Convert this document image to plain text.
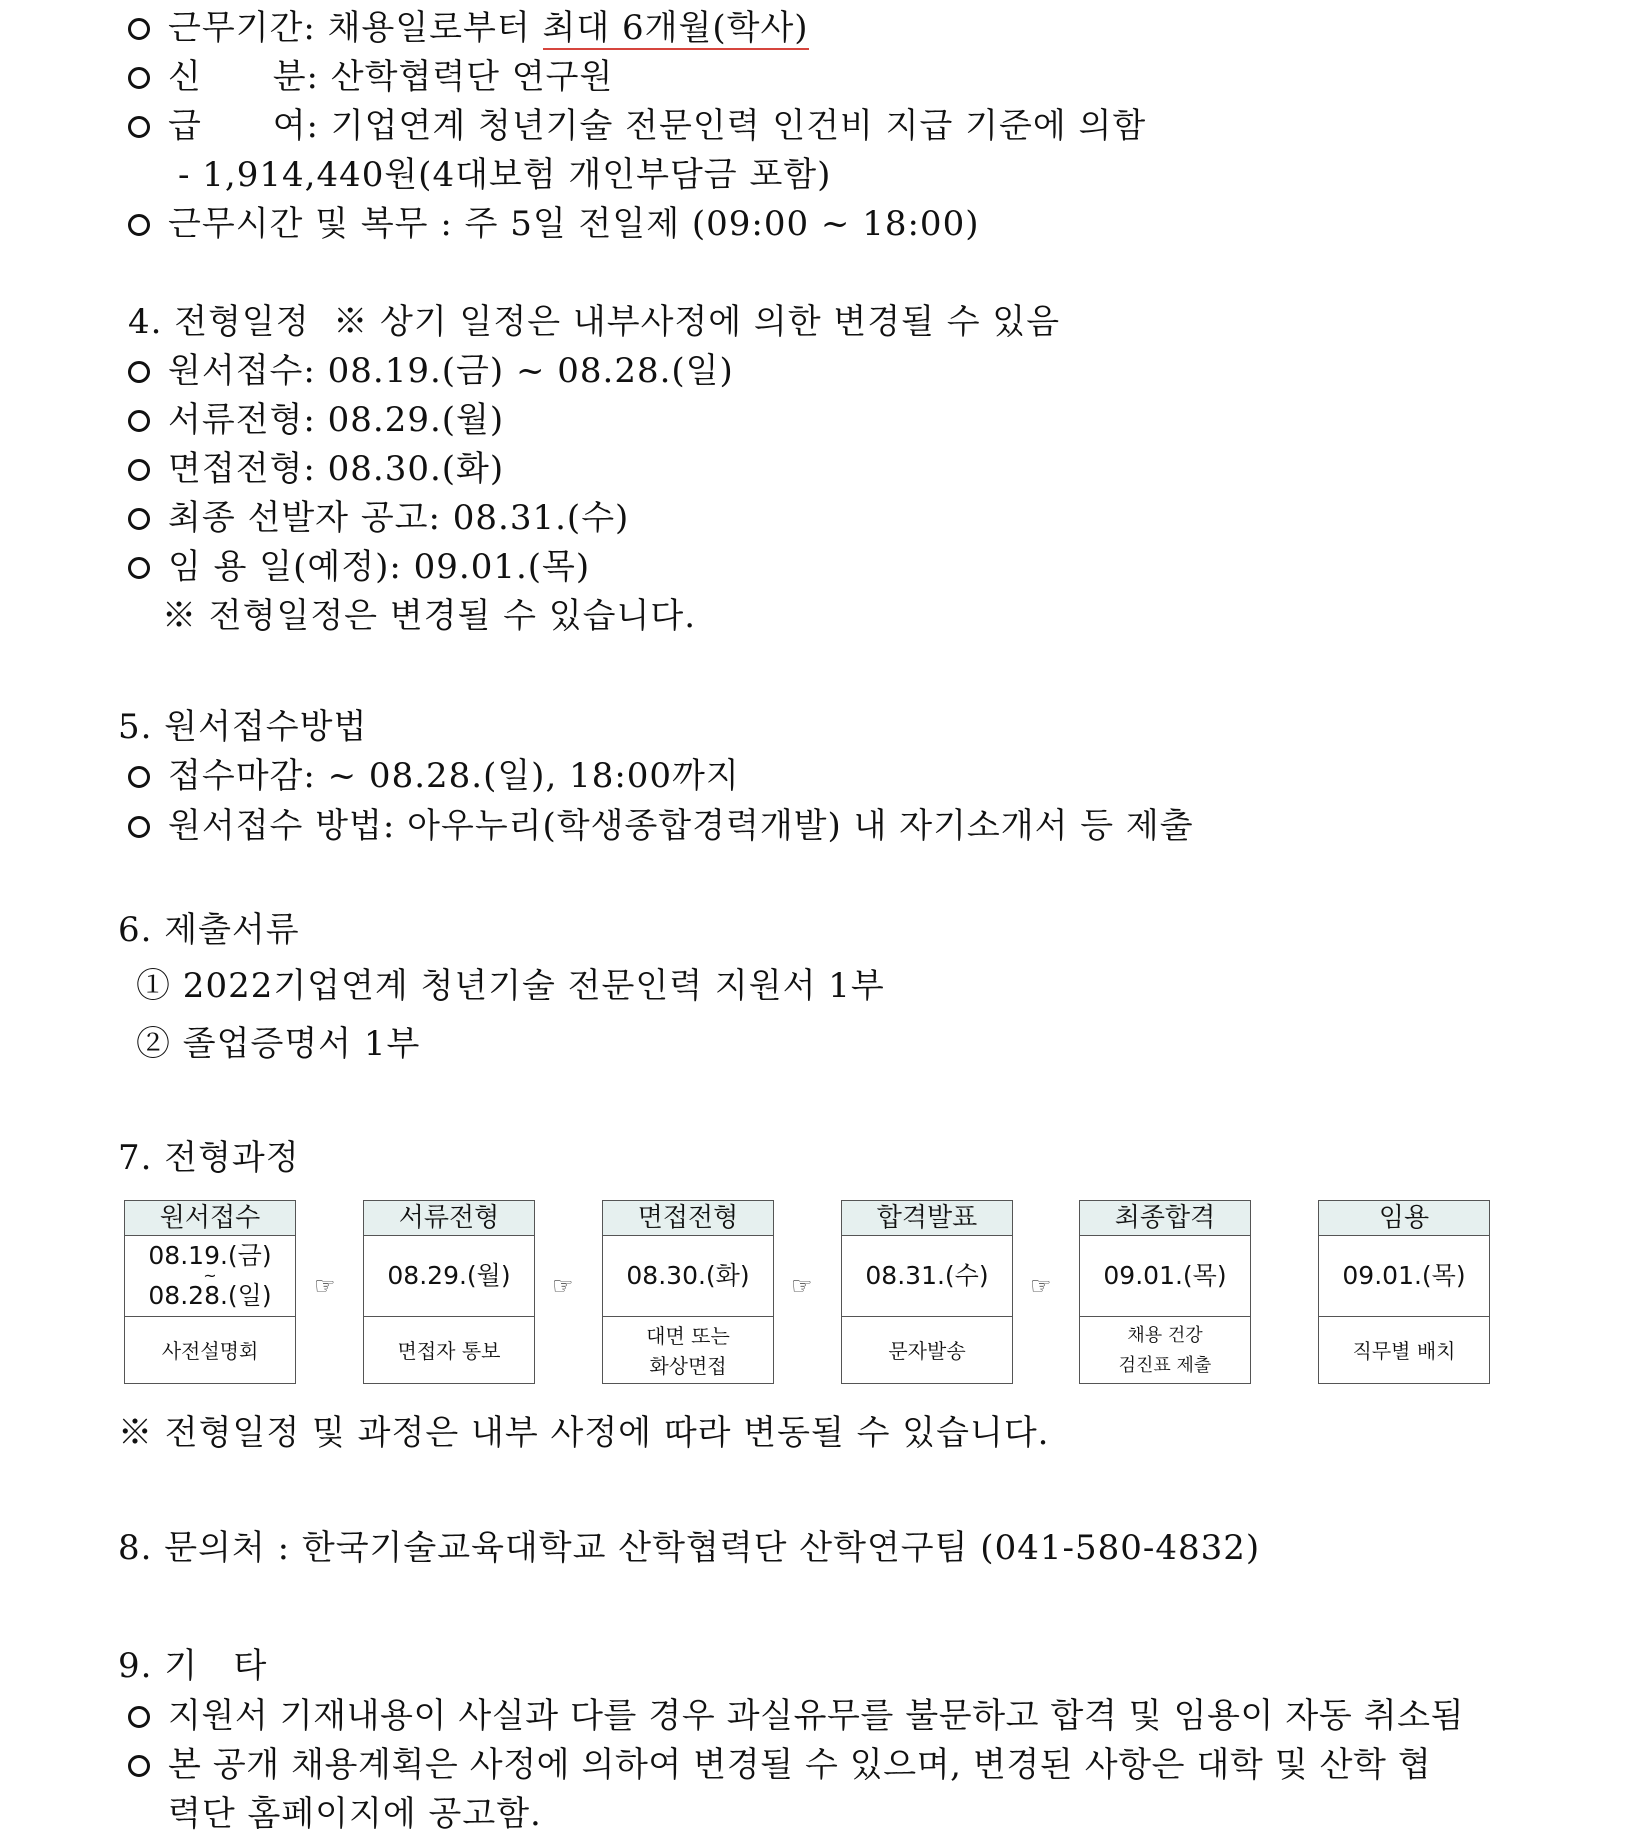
근무기간: 채용일로부터 최대 6개월(학사)
신      분: 산학협력단 연구원
급      여: 기업연계 청년기술 전문인력 인건비 지급 기준에 의함
- 1,914,440원(4대보험 개인부담금 포함)
근무시간 및 복무 : 주 5일 전일제 (09:00 ~ 18:00)
4. 전형일정  ※ 상기 일정은 내부사정에 의한 변경될 수 있음
원서접수: 08.19.(금) ~ 08.28.(일)
서류전형: 08.29.(월)
면접전형: 08.30.(화)
최종 선발자 공고: 08.31.(수)
임 용 일(예정): 09.01.(목)
※ 전형일정은 변경될 수 있습니다.
5. 원서접수방법
접수마감: ~ 08.28.(일), 18:00까지
원서접수 방법: 아우누리(학생종합경력개발) 내 자기소개서 등 제출
6. 제출서류
① 2022기업연계 청년기술 전문인력 지원서 1부
② 졸업증명서 1부
7. 전형과정
원서접수
08.19.(금)
~
08.28.(일)
사전설명회
☞
서류전형
08.29.(월)
면접자 통보
☞
면접전형
08.30.(화)
대면 또는
화상면접
☞
합격발표
08.31.(수)
문자발송
☞
최종합격
09.01.(목)
채용 건강
검진표 제출
임용
09.01.(목)
직무별 배치
※ 전형일정 및 과정은 내부 사정에 따라 변동될 수 있습니다.
8. 문의처 : 한국기술교육대학교 산학협력단 산학연구팀 (041-580-4832)
9. 기   타
지원서 기재내용이 사실과 다를 경우 과실유무를 불문하고 합격 및 임용이 자동 취소됨
본 공개 채용계획은 사정에 의하여 변경될 수 있으며, 변경된 사항은 대학 및 산학 협
력단 홈페이지에 공고함.
